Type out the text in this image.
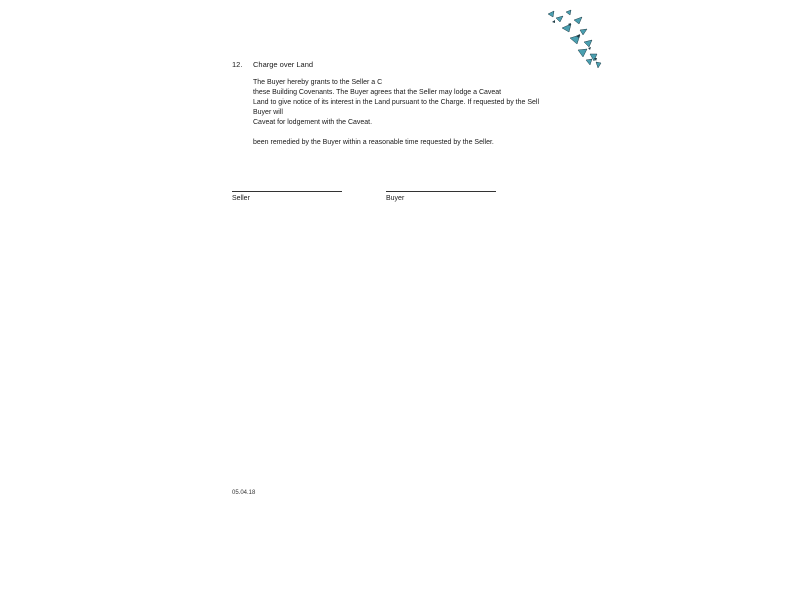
12. Charge over Land
The Buyer hereby grants to the Seller a C
these Building Covenants. The Buyer agrees that the Seller may lodge a Caveat
Land to give notice of its interest in the Land pursuant to the Charge. If requested by the Sell
Buyer will
Caveat for lodgement with the Caveat.
been remedied by the Buyer within a reasonable time requested by the Seller.
Seller	Buyer
05.04.18
